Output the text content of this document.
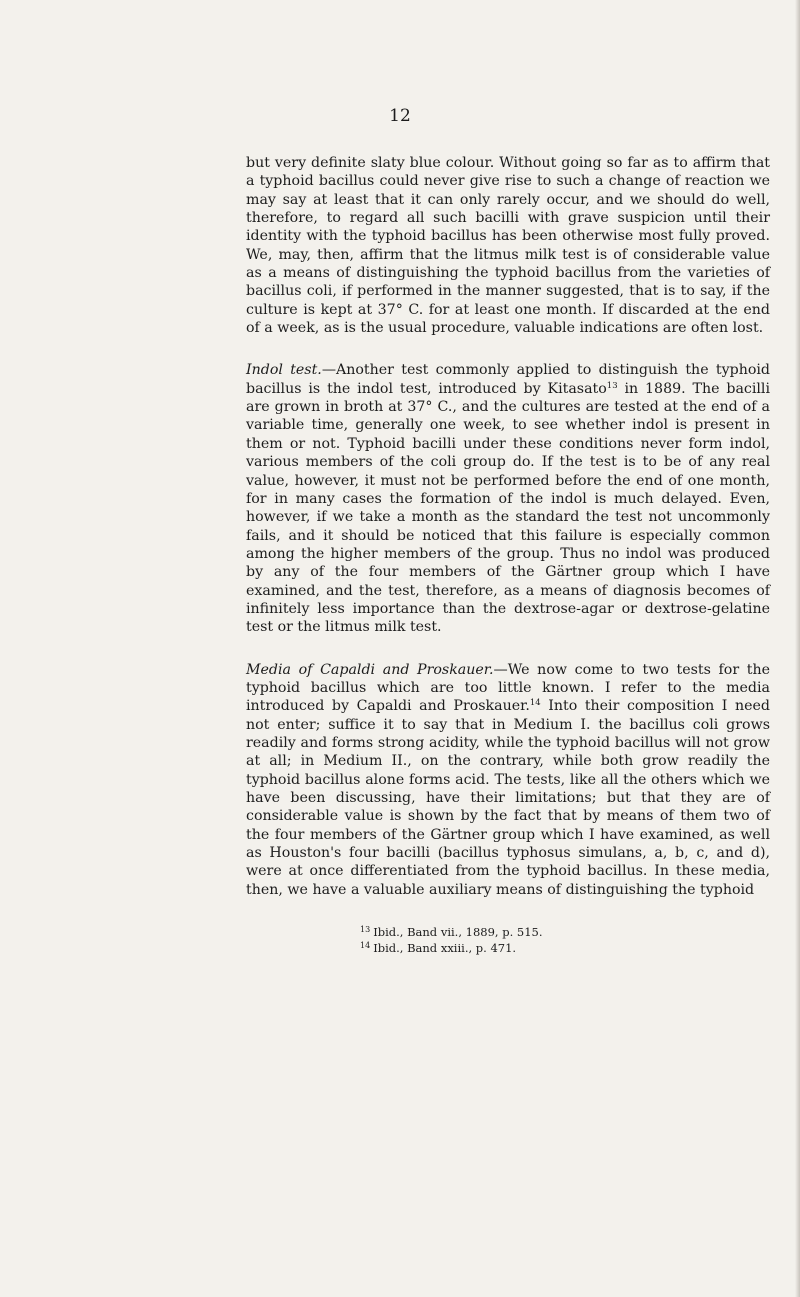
12

but very definite slaty blue colour. Without going so far as to affirm that a typhoid bacillus could never give rise to such a change of reaction we may say at least that it can only rarely occur, and we should do well, therefore, to regard all such bacilli with grave suspicion until their identity with the typhoid bacillus has been otherwise most fully proved. We, may, then, affirm that the litmus milk test is of considerable value as a means of distinguishing the typhoid bacillus from the varieties of bacillus coli, if performed in the manner suggested, that is to say, if the culture is kept at 37° C. for at least one month. If discarded at the end of a week, as is the usual procedure, valuable indications are often lost.

Indol test.—Another test commonly applied to distinguish the typhoid bacillus is the indol test, introduced by Kitasato$^{13}$ in 1889. The bacilli are grown in broth at 37° C., and the cultures are tested at the end of a variable time, generally one week, to see whether indol is present in them or not. Typhoid bacilli under these conditions never form indol, various members of the coli group do. If the test is to be of any real value, however, it must not be performed before the end of one month, for in many cases the formation of the indol is much delayed. Even, however, if we take a month as the standard the test not uncommonly fails, and it should be noticed that this failure is especially common among the higher members of the group. Thus no indol was produced by any of the four members of the Gärtner group which I have examined, and the test, therefore, as a means of diagnosis becomes of infinitely less importance than the dextrose-agar or dextrose-gelatine test or the litmus milk test.

Media of Capaldi and Proskauer.—We now come to two tests for the typhoid bacillus which are too little known. I refer to the media introduced by Capaldi and Proskauer.$^{14}$ Into their composition I need not enter; suffice it to say that in Medium I. the bacillus coli grows readily and forms strong acidity, while the typhoid bacillus will not grow at all; in Medium II., on the contrary, while both grow readily the typhoid bacillus alone forms acid. The tests, like all the others which we have been discussing, have their limitations; but that they are of considerable value is shown by the fact that by means of them two of the four members of the Gärtner group which I have examined, as well as Houston's four bacilli (bacillus typhosus simulans, a, b, c, and d), were at once differentiated from the typhoid bacillus. In these media, then, we have a valuable auxiliary means of distinguishing the typhoid

$^{13}$ Ibid., Band vii., 1889, p. 515.
$^{14}$ Ibid., Band xxiii., p. 471.
